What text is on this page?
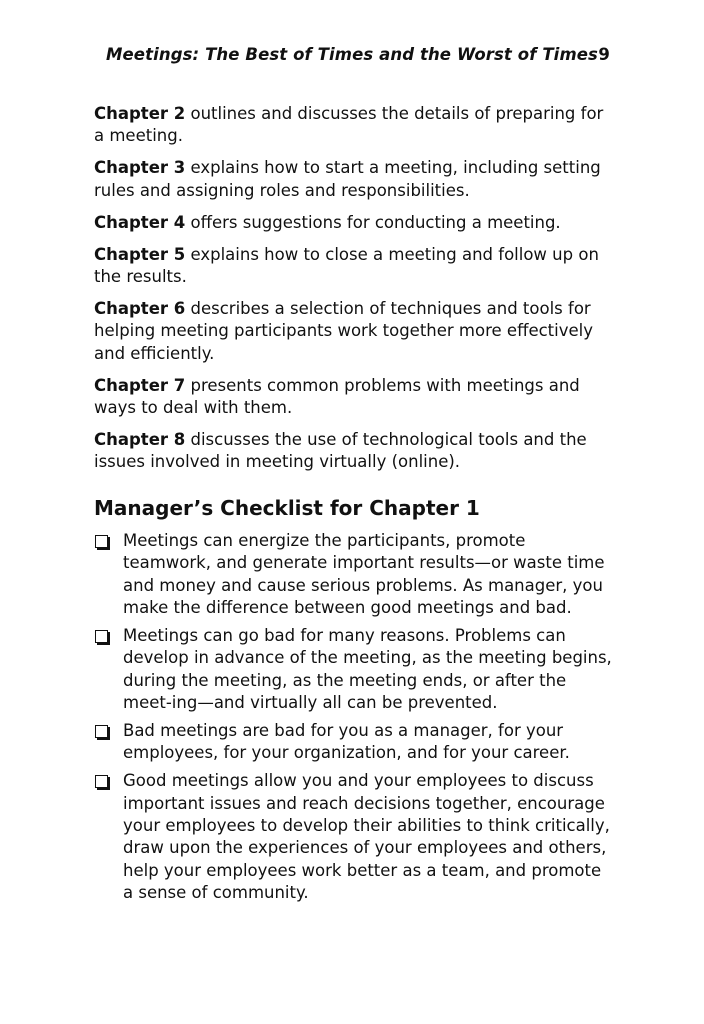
Meetings: The Best of Times and the Worst of Times 9

Chapter 2 outlines and discusses the details of preparing for a meeting.

Chapter 3 explains how to start a meeting, including setting rules and assigning roles and responsibilities.

Chapter 4 offers suggestions for conducting a meeting.

Chapter 5 explains how to close a meeting and follow up on the results.

Chapter 6 describes a selection of techniques and tools for helping meeting participants work together more effectively and efficiently.

Chapter 7 presents common problems with meetings and ways to deal with them.

Chapter 8 discusses the use of technological tools and the issues involved in meeting virtually (online).

Manager’s Checklist for Chapter 1
Meetings can energize the participants, promote teamwork, and generate important results—or waste time and money and cause serious problems. As manager, you make the difference between good meetings and bad.
Meetings can go bad for many reasons. Problems can develop in advance of the meeting, as the meeting begins, during the meeting, as the meeting ends, or after the meet-ing—and virtually all can be prevented.
Bad meetings are bad for you as a manager, for your employees, for your organization, and for your career.
Good meetings allow you and your employees to discuss important issues and reach decisions together, encourage your employees to develop their abilities to think critically, draw upon the experiences of your employees and others, help your employees work better as a team, and promote a sense of community.
